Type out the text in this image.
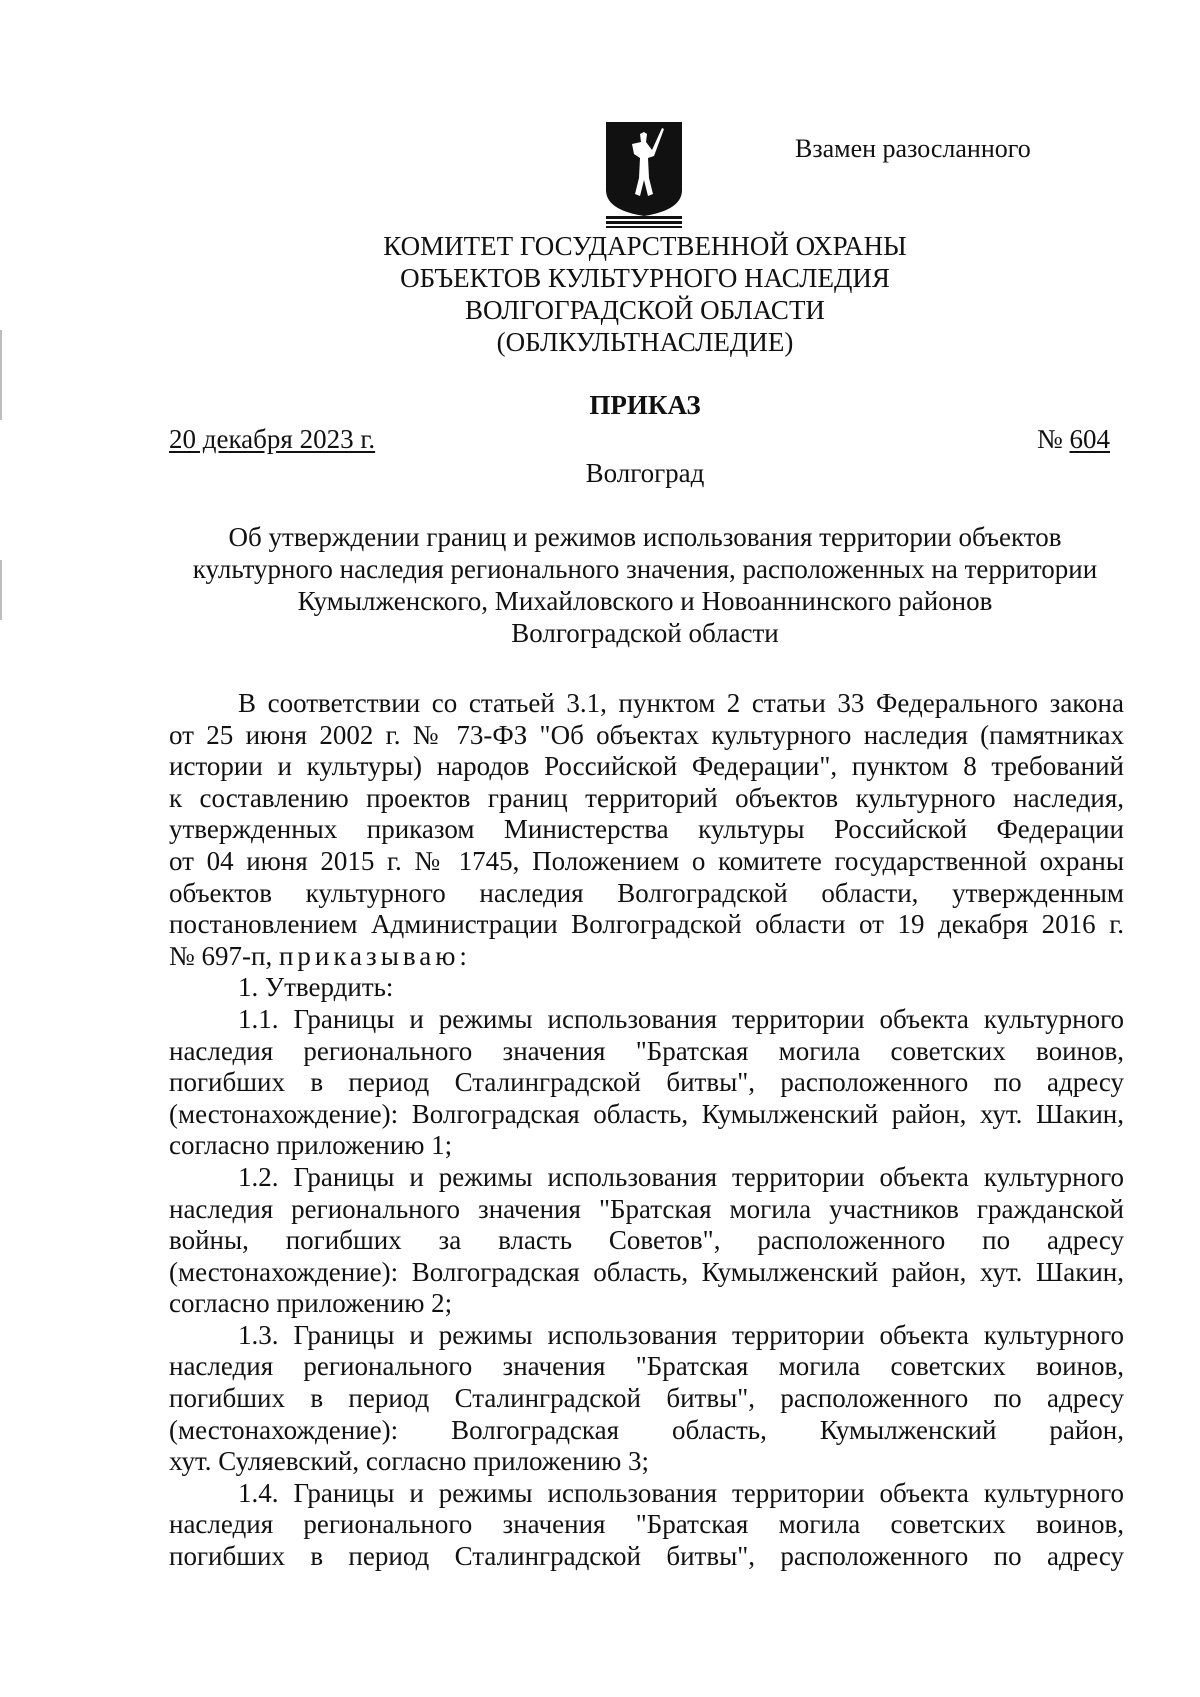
Взамен разосланного
КОМИТЕТ ГОСУДАРСТВЕННОЙ ОХРАНЫ
ОБЪЕКТОВ КУЛЬТУРНОГО НАСЛЕДИЯ
ВОЛГОГРАДСКОЙ ОБЛАСТИ
(ОБЛКУЛЬТНАСЛЕДИЕ)
ПРИКАЗ
20 декабря 2023 г.	№ 604
Волгоград
Об утверждении границ и режимов использования территории объектов
культурного наследия регионального значения, расположенных на территории
Кумылженского, Михайловского и Новоаннинского районов
Волгоградской области
В соответствии со статьей 3.1, пунктом 2 статьи 33 Федерального закона
от 25 июня 2002 г. № 73-ФЗ "Об объектах культурного наследия (памятниках
истории и культуры) народов Российской Федерации", пунктом 8 требований
к составлению проектов границ территорий объектов культурного наследия,
утвержденных приказом Министерства культуры Российской Федерации
от 04 июня 2015 г. № 1745, Положением о комитете государственной охраны
объектов культурного наследия Волгоградской области, утвержденным
постановлением Администрации Волгоградской области от 19 декабря 2016 г.
№ 697-п, приказываю:
1. Утвердить:
1.1. Границы и режимы использования территории объекта культурного
наследия регионального значения "Братская могила советских воинов,
погибших в период Сталинградской битвы", расположенного по адресу
(местонахождение): Волгоградская область, Кумылженский район, хут. Шакин,
согласно приложению 1;
1.2. Границы и режимы использования территории объекта культурного
наследия регионального значения "Братская могила участников гражданской
войны, погибших за власть Советов", расположенного по адресу
(местонахождение): Волгоградская область, Кумылженский район, хут. Шакин,
согласно приложению 2;
1.3. Границы и режимы использования территории объекта культурного
наследия регионального значения "Братская могила советских воинов,
погибших в период Сталинградской битвы", расположенного по адресу
(местонахождение): Волгоградская область, Кумылженский район,
хут. Суляевский, согласно приложению 3;
1.4. Границы и режимы использования территории объекта культурного
наследия регионального значения "Братская могила советских воинов,
погибших в период Сталинградской битвы", расположенного по адресу
